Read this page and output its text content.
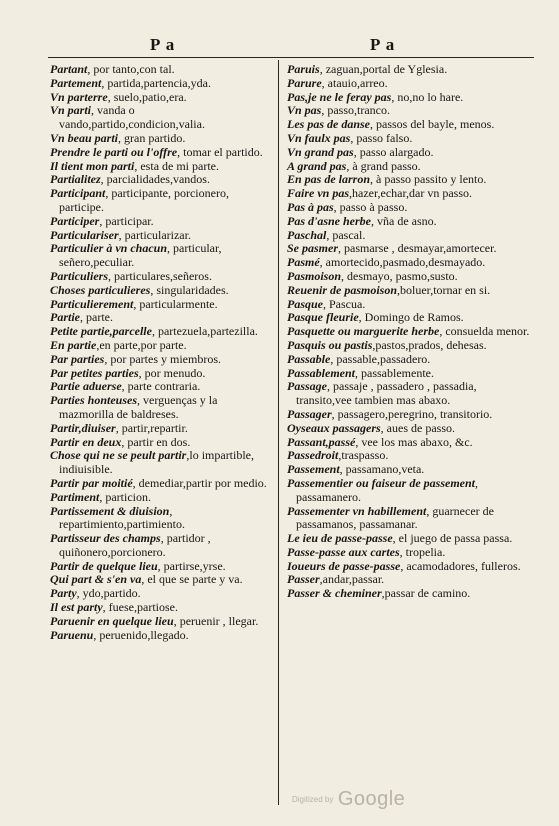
P a	P a

Partant, por tanto,con tal.

Partement, partida,partencia,yda.

Vn parterre, suelo,patio,era.

Vn parti, vanda o vando,partido,condicion,valia.

Vn beau parti, gran partido.

Prendre le parti ou l'offre, tomar el partido.

Il tient mon parti, esta de mi parte.

Partialitez, parcialidades,vandos.

Participant, participante, porcionero, participe.

Participer, participar.

Particulariser, particularizar.

Particulier à vn chacun, particular, señero,peculiar.

Particuliers, particulares,señeros.

Choses particulieres, singularidades.

Particulierement, particularmente.

Partie, parte.

Petite partie,parcelle, partezuela,partezilla.

En partie,en parte,por parte.

Par parties, por partes y miembros.

Par petites parties, por menudo.

Partie aduerse, parte contraria.

Parties honteuses, verguenças y la mazmorilla de baldreses.

Partir,diuiser, partir,repartir.

Partir en deux, partir en dos.

Chose qui ne se peult partir,lo impartible, indiuisible.

Partir par moitié, demediar,partir por medio.

Partiment, particion.

Partissement & diuision, repartimiento,partimiento.

Partisseur des champs, partidor , quiñonero,porcionero.

Partir de quelque lieu, partirse,yrse.

Qui part & s'en va, el que se parte y va.

Party, ydo,partido.

Il est party, fuese,partiose.

Paruenir en quelque lieu, peruenir , llegar.

Paruenu, peruenido,llegado.

Paruis, zaguan,portal de Yglesia.

Parure, atauio,arreo.

Pas,je ne le feray pas, no,no lo hare.

Vn pas, passo,tranco.

Les pas de danse, passos del bayle, menos.

Vn faulx pas, passo falso.

Vn grand pas, passo alargado.

A grand pas, à grand passo.

En pas de larron, à passo passito y lento.

Faire vn pas,hazer,echar,dar vn passo.

Pas à pas, passo à passo.

Pas d'asne herbe, vña de asno.

Paschal, pascal.

Se pasmer, pasmarse , desmayar,amortecer.

Pasmé, amortecido,pasmado,desmayado.

Pasmoison, desmayo, pasmo,susto.

Reuenir de pasmoison,boluer,tornar en si.

Pasque, Pascua.

Pasque fleurie, Domingo de Ramos.

Pasquette ou marguerite herbe, consuelda menor.

Pasquis ou pastis,pastos,prados, dehesas.

Passable, passable,passadero.

Passablement, passablemente.

Passage, passaje , passadero , passadia, transito,vee tambien mas abaxo.

Passager, passagero,peregrino, transitorio.

Oyseaux passagers, aues de passo.

Passant,passé, vee los mas abaxo, &c.

Passedroit,traspasso.

Passement, passamano,veta.

Passementier ou faiseur de passement, passamanero.

Passementer vn habillement, guarnecer de passamanos, passamanar.

Le ieu de passe-passe, el juego de passa passa.

Passe-passe aux cartes, tropelia.

Ioueurs de passe-passe, acamodadores, fulleros.

Passer,andar,passar.

Passer & cheminer,passar de camino.

Digitized by Google
